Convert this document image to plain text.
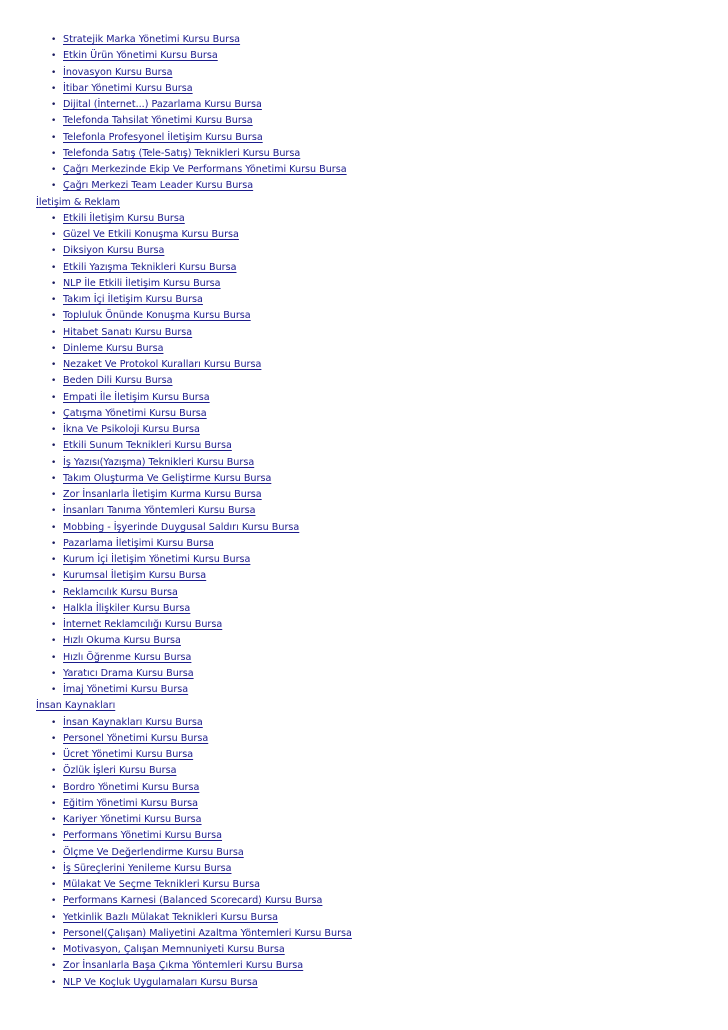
• Stratejik Marka Yönetimi Kursu Bursa
• Etkin Ürün Yönetimi Kursu Bursa
• İnovasyon Kursu Bursa
• İtibar Yönetimi Kursu Bursa
• Dijital (İnternet...) Pazarlama Kursu Bursa
• Telefonda Tahsilat Yönetimi Kursu Bursa
• Telefonla Profesyonel İletişim Kursu Bursa
• Telefonda Satış (Tele-Satış) Teknikleri Kursu Bursa
• Çağrı Merkezinde Ekip Ve Performans Yönetimi Kursu Bursa
• Çağrı Merkezi Team Leader Kursu Bursa
İletişim & Reklam
• Etkili İletişim Kursu Bursa
• Güzel Ve Etkili Konuşma Kursu Bursa
• Diksiyon Kursu Bursa
• Etkili Yazışma Teknikleri Kursu Bursa
• NLP İle Etkili İletişim Kursu Bursa
• Takım İçi İletişim Kursu Bursa
• Topluluk Önünde Konuşma Kursu Bursa
• Hitabet Sanatı Kursu Bursa
• Dinleme Kursu Bursa
• Nezaket Ve Protokol Kuralları Kursu Bursa
• Beden Dili Kursu Bursa
• Empati İle İletişim Kursu Bursa
• Çatışma Yönetimi Kursu Bursa
• İkna Ve Psikoloji Kursu Bursa
• Etkili Sunum Teknikleri Kursu Bursa
• İş Yazısı(Yazışma) Teknikleri Kursu Bursa
• Takım Oluşturma Ve Geliştirme Kursu Bursa
• Zor İnsanlarla İletişim Kurma Kursu Bursa
• İnsanları Tanıma Yöntemleri Kursu Bursa
• Mobbing - İşyerinde Duygusal Saldırı Kursu Bursa
• Pazarlama İletişimi Kursu Bursa
• Kurum İçi İletişim Yönetimi Kursu Bursa
• Kurumsal İletişim Kursu Bursa
• Reklamcılık Kursu Bursa
• Halkla İlişkiler Kursu Bursa
• İnternet Reklamcılığı Kursu Bursa
• Hızlı Okuma Kursu Bursa
• Hızlı Öğrenme Kursu Bursa
• Yaratıcı Drama Kursu Bursa
• İmaj Yönetimi Kursu Bursa
İnsan Kaynakları
• İnsan Kaynakları Kursu Bursa
• Personel Yönetimi Kursu Bursa
• Ücret Yönetimi Kursu Bursa
• Özlük İşleri Kursu Bursa
• Bordro Yönetimi Kursu Bursa
• Eğitim Yönetimi Kursu Bursa
• Kariyer Yönetimi Kursu Bursa
• Performans Yönetimi Kursu Bursa
• Ölçme Ve Değerlendirme Kursu Bursa
• İş Süreçlerini Yenileme Kursu Bursa
• Mülakat Ve Seçme Teknikleri Kursu Bursa
• Performans Karnesi (Balanced Scorecard) Kursu Bursa
• Yetkinlik Bazlı Mülakat Teknikleri Kursu Bursa
• Personel(Çalışan) Maliyetini Azaltma Yöntemleri Kursu Bursa
• Motivasyon, Çalışan Memnuniyeti Kursu Bursa
• Zor İnsanlarla Başa Çıkma Yöntemleri Kursu Bursa
• NLP Ve Koçluk Uygulamaları Kursu Bursa
